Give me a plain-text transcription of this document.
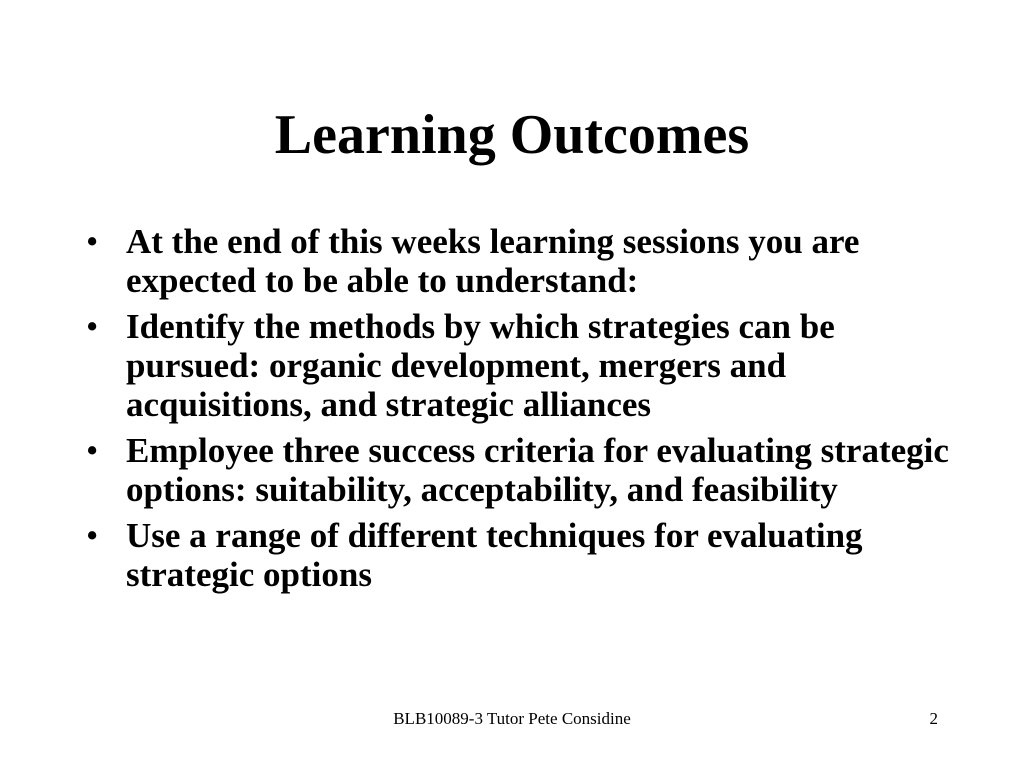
Learning Outcomes
• At the end of this weeks learning sessions you are expected to be able to understand:
• Identify the methods by which strategies can be pursued: organic development, mergers and acquisitions, and strategic alliances
• Employee three success criteria for evaluating strategic options: suitability, acceptability, and feasibility
• Use a range of different techniques for evaluating strategic options
BLB10089-3 Tutor Pete Considine	2
